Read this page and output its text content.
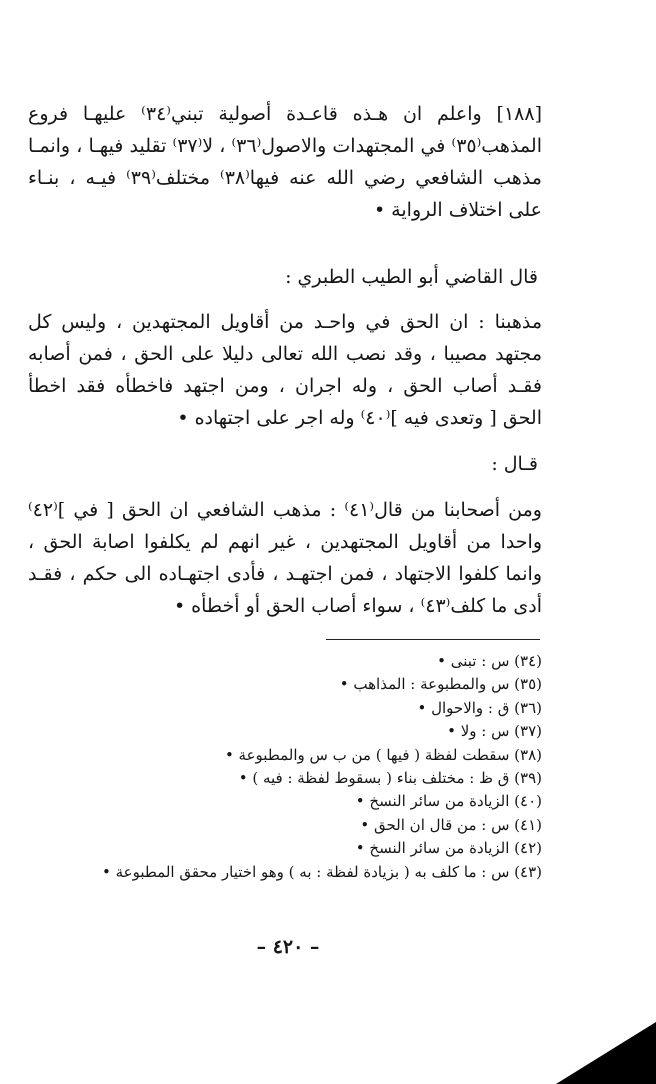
[١٨٨] واعلم ان هـذه قاعـدة أصولية تبني⁽٣٤⁾ عليهـا فروع المذهب⁽٣٥⁾ في المجتهدات والاصول⁽٣٦⁾ ، لا⁽٣٧⁾ تقليد فيهـا ، وانمـا مذهب الشافعي رضي الله عنه فيها⁽٣٨⁾ مختلف⁽٣٩⁾ فيـه ، بنـاء على اختلاف الرواية •

قال القاضي أبو الطيب الطبري :

مذهبنا : ان الحق في واحـد من أقاويل المجتهدين ، وليس كل مجتهد مصيبا ، وقد نصب الله تعالى دليلا على الحق ، فمن أصابه فقـد أصاب الحق ، وله اجران ، ومن اجتهد فاخطأه فقد اخطأ الحق [ وتعدى فيه ]⁽٤٠⁾ وله اجر على اجتهاده •

قـال :

ومن أصحابنا من قال⁽٤١⁾ : مذهب الشافعي ان الحق [ في ]⁽٤٢⁾ واحدا من أقاويل المجتهدين ، غير انهم لم يكلفوا اصابة الحق ، وانما كلفوا الاجتهاد ، فمن اجتهـد ، فأدى اجتهـاده الى حكم ، فقـد أدى ما كلف⁽٤٣⁾ ، سواء أصاب الحق أو أخطأه •

(٣٤) س : تبنى •
(٣٥) س والمطبوعة : المذاهب •
(٣٦) ق : والاحوال •
(٣٧) س : ولا •
(٣٨) سقطت لفظة ( فيها ) من ب س والمطبوعة •
(٣٩) ق ظ : مختلف بناء ( بسقوط لفظة : فيه ) •
(٤٠) الزيادة من سائر النسخ •
(٤١) س : من قال ان الحق •
(٤٢) الزيادة من سائر النسخ •
(٤٣) س : ما كلف به ( بزيادة لفظة : به ) وهو اختيار محقق المطبوعة •
– ٤٢٠ –
